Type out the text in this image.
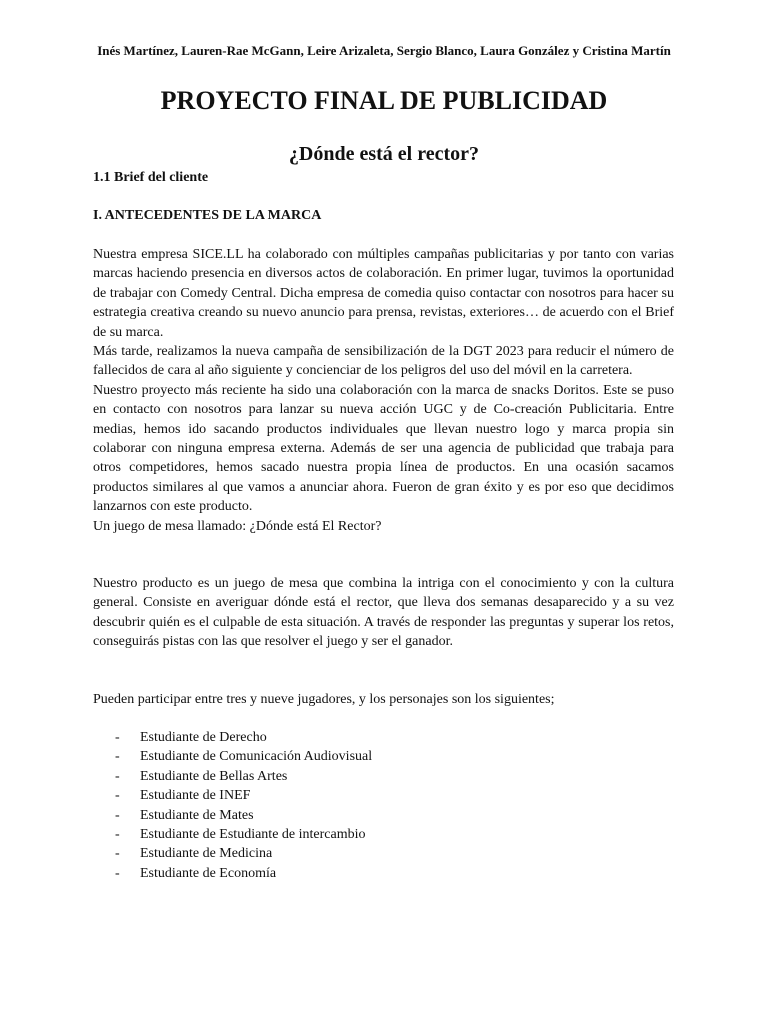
Inés Martínez, Lauren-Rae McGann, Leire Arizaleta, Sergio Blanco, Laura González y Cristina Martín
PROYECTO FINAL DE PUBLICIDAD
¿Dónde está el rector?
1.1 Brief del cliente
I. ANTECEDENTES DE LA MARCA

Nuestra empresa SICE.LL ha colaborado con múltiples campañas publicitarias y por tanto con varias marcas haciendo presencia en diversos actos de colaboración. En primer lugar, tuvimos la oportunidad de trabajar con Comedy Central. Dicha empresa de comedia quiso contactar con nosotros para hacer su estrategia creativa creando su nuevo anuncio para prensa, revistas, exteriores… de acuerdo con el Brief de su marca.

Más tarde, realizamos la nueva campaña de sensibilización de la DGT 2023 para reducir el número de fallecidos de cara al año siguiente y concienciar de los peligros del uso del móvil en la carretera.

Nuestro proyecto más reciente ha sido una colaboración con la marca de snacks Doritos. Este se puso en contacto con nosotros para lanzar su nueva acción UGC y de Co-creación Publicitaria. Entre medias, hemos ido sacando productos individuales que llevan nuestro logo y marca propia sin colaborar con ninguna empresa externa. Además de ser una agencia de publicidad que trabaja para otros competidores, hemos sacado nuestra propia línea de productos. En una ocasión sacamos productos similares al que vamos a anunciar ahora. Fueron de gran éxito y es por eso que decidimos lanzarnos con este producto.

Un juego de mesa llamado: ¿Dónde está El Rector?

Nuestro producto es un juego de mesa que combina la intriga con el conocimiento y con la cultura general. Consiste en averiguar dónde está el rector, que lleva dos semanas desaparecido y a su vez descubrir quién es el culpable de esta situación. A través de responder las preguntas y superar los retos, conseguirás pistas con las que resolver el juego y ser el ganador.

Pueden participar entre tres y nueve jugadores, y los personajes son los siguientes;

-	Estudiante de Derecho
-	Estudiante de Comunicación Audiovisual
-	Estudiante de Bellas Artes
-	Estudiante de INEF
-	Estudiante de Mates
-	Estudiante de Estudiante de intercambio
-	Estudiante de Medicina
-	Estudiante de Economía
